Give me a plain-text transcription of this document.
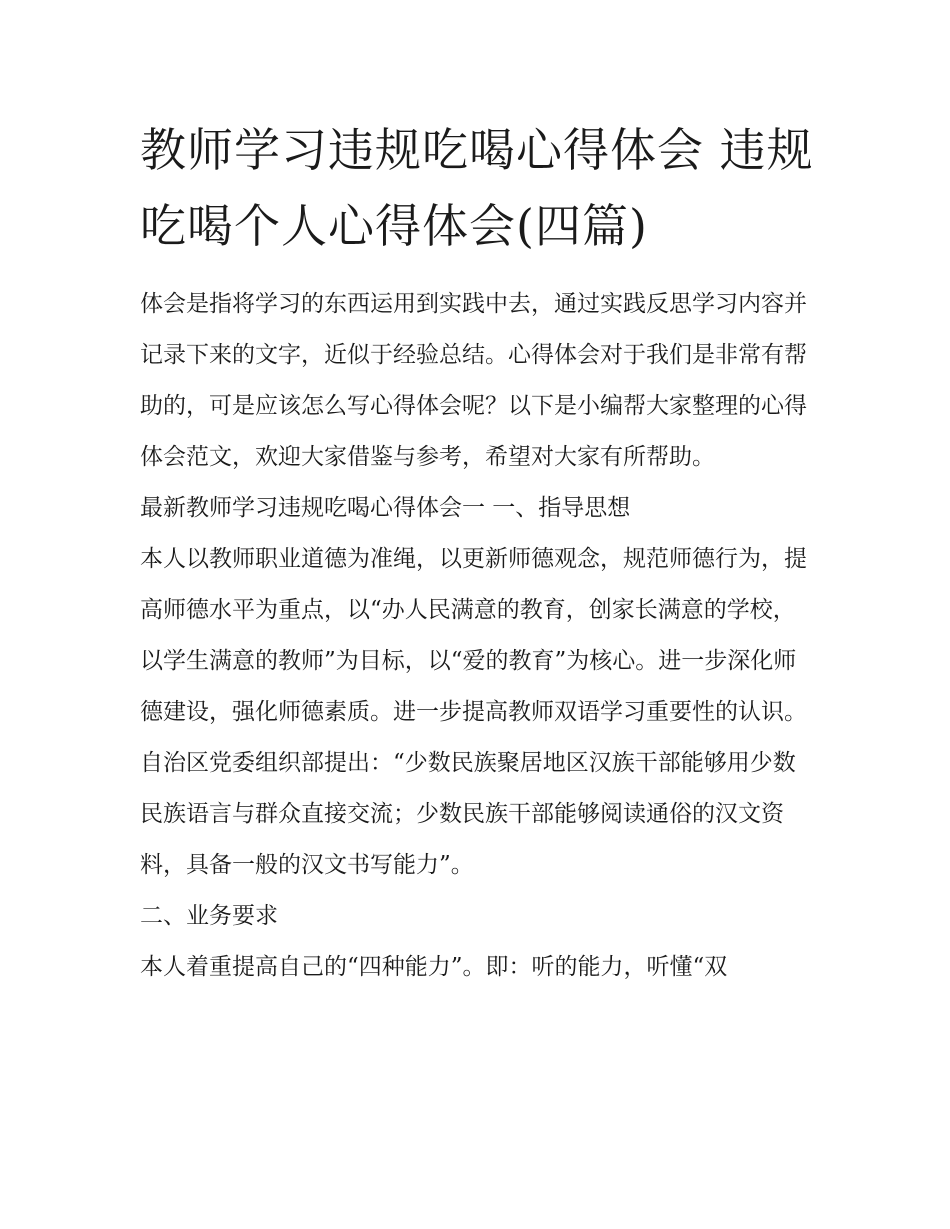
教师学习违规吃喝心得体会 违规吃喝个人心得体会(四篇)

体会是指将学习的东西运用到实践中去，通过实践反思学习内容并记录下来的文字，近似于经验总结。心得体会对于我们是非常有帮助的，可是应该怎么写心得体会呢？以下是小编帮大家整理的心得体会范文，欢迎大家借鉴与参考，希望对大家有所帮助。

最新教师学习违规吃喝心得体会一 一、指导思想

本人以教师职业道德为准绳，以更新师德观念，规范师德行为，提高师德水平为重点，以“办人民满意的教育，创家长满意的学校，以学生满意的教师”为目标，以“爱的教育”为核心。进一步深化师德建设，强化师德素质。进一步提高教师双语学习重要性的认识。自治区党委组织部提出：“少数民族聚居地区汉族干部能够用少数民族语言与群众直接交流；少数民族干部能够阅读通俗的汉文资料，具备一般的汉文书写能力”。

二、业务要求

本人着重提高自己的“四种能力”。即：听的能力，听懂“双
